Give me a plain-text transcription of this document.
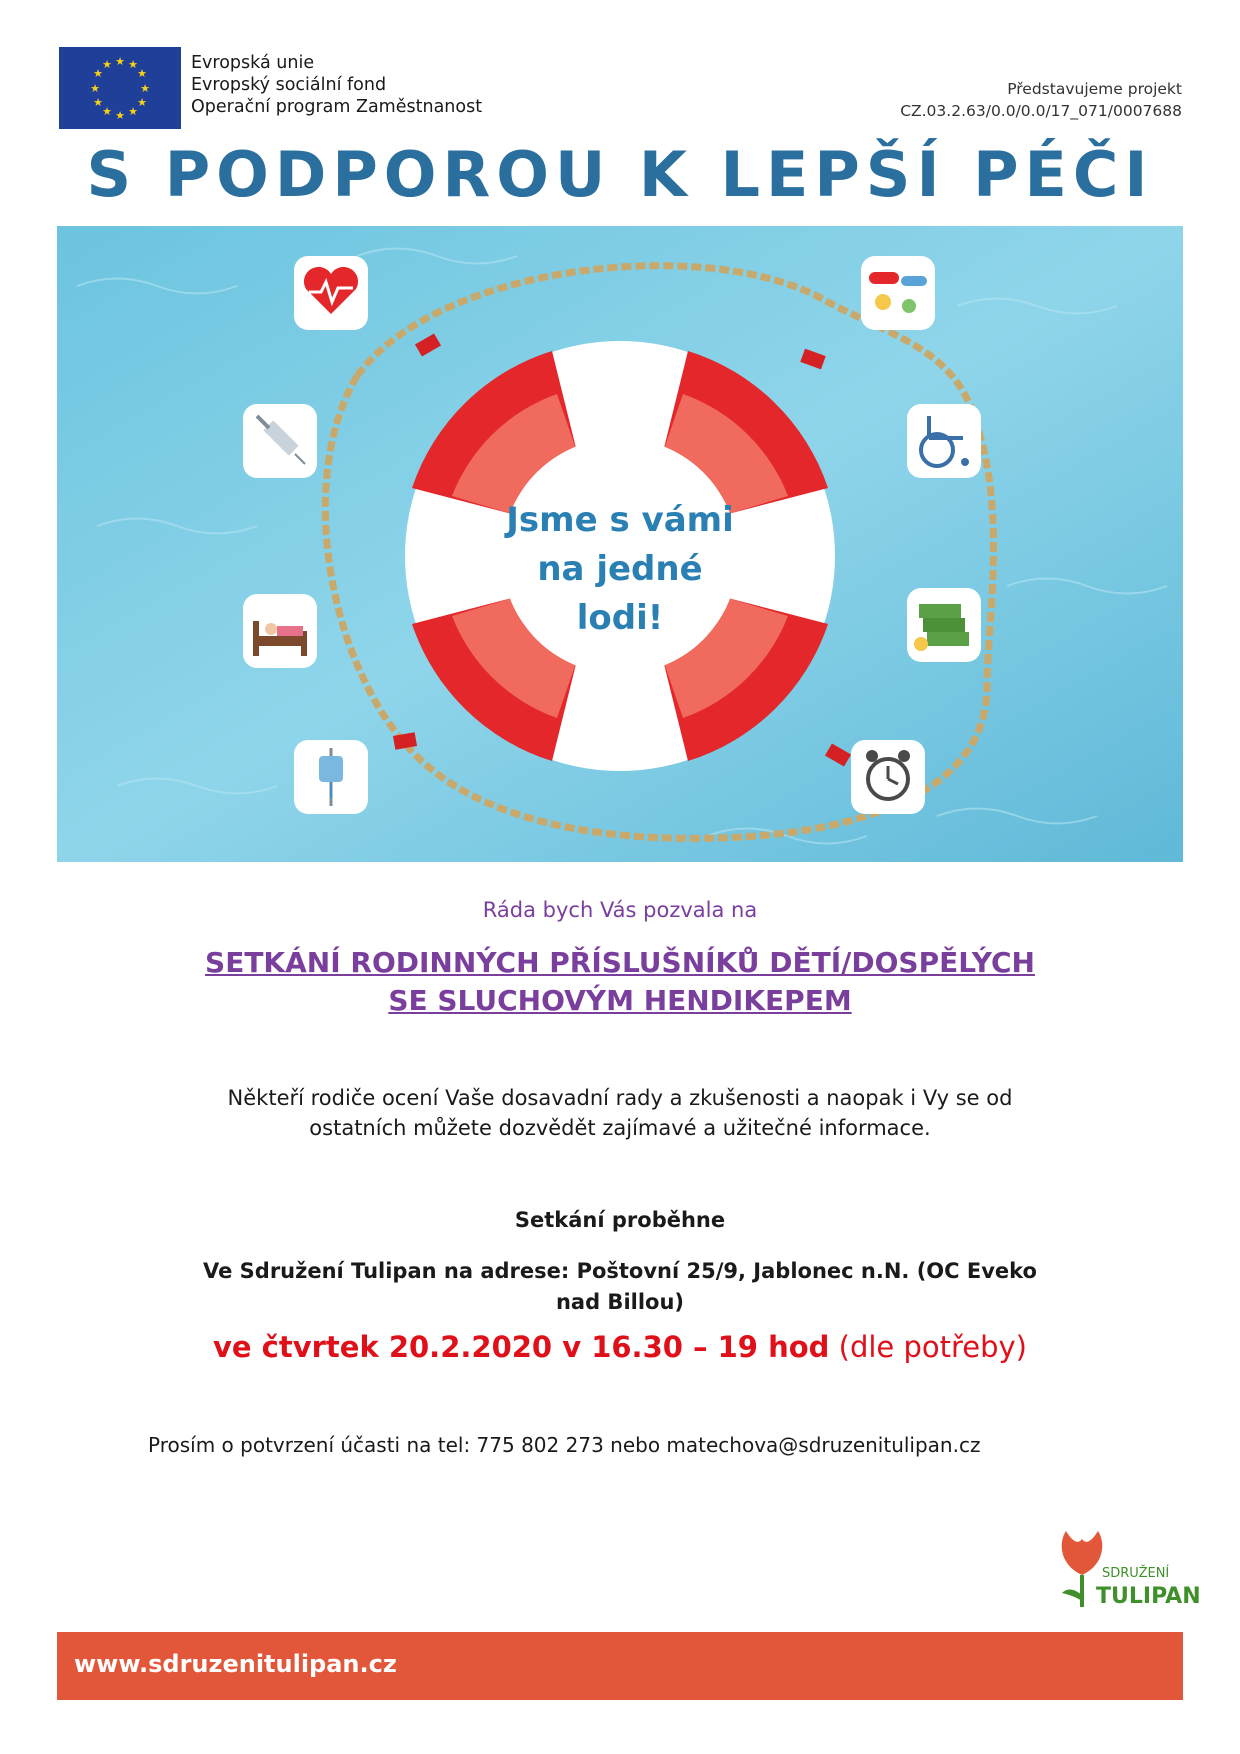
★ ★
★
★
★
★
★
★
★
★
★
★	Evropská unie
Evropský sociální fond
Operační program Zaměstnanost
Představujeme projekt
CZ.03.2.63/0.0/0.0/17_071/0007688
S PODPOROU K LEPŠÍ PÉČI
Jsme s vámi
na jedné
lodi!
Ráda bych Vás pozvala na
SETKÁNÍ RODINNÝCH PŘÍSLUŠNÍKŮ DĚTÍ/DOSPĚLÝCH
SE SLUCHOVÝM HENDIKEPEM
Někteří rodiče ocení Vaše dosavadní rady a zkušenosti a naopak i Vy se od
ostatních můžete dozvědět zajímavé a užitečné informace.
Setkání proběhne
Ve Sdružení Tulipan na adrese: Poštovní 25/9, Jablonec n.N. (OC Eveko
nad Billou)
ve čtvrtek 20.2.2020 v 16.30 – 19 hod (dle potřeby)
Prosím o potvrzení účasti na tel: 775 802 273 nebo matechova@sdruzenitulipan.cz
SDRUŽENÍ
TULIPAN
www.sdruzenitulipan.cz
